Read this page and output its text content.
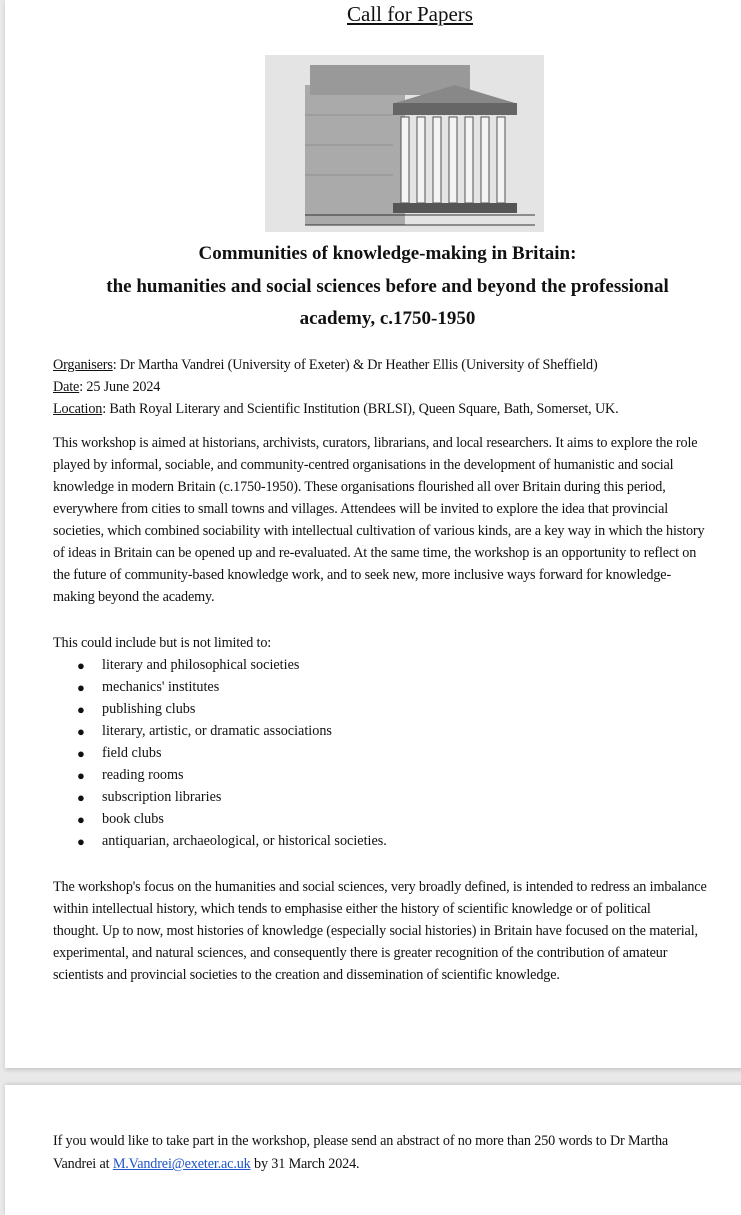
Call for Papers
Communities of knowledge-making in Britain:
the humanities and social sciences before and beyond the professional
academy, c.1750-1950
Organisers: Dr Martha Vandrei (University of Exeter) & Dr Heather Ellis (University of Sheffield)
Date: 25 June 2024
Location: Bath Royal Literary and Scientific Institution (BRLSI), Queen Square, Bath, Somerset, UK.
This workshop is aimed at historians, archivists, curators, librarians, and local researchers. It aims to explore the role
played by informal, sociable, and community-centred organisations in the development of humanistic and social
knowledge in modern Britain (c.1750-1950). These organisations flourished all over Britain during this period,
everywhere from cities to small towns and villages. Attendees will be invited to explore the idea that provincial
societies, which combined sociability with intellectual cultivation of various kinds, are a key way in which the history
of ideas in Britain can be opened up and re-evaluated. At the same time, the workshop is an opportunity to reflect on
the future of community-based knowledge work, and to seek new, more inclusive ways forward for knowledge-
making beyond the academy.
This could include but is not limited to:
● literary and philosophical societies
● mechanics' institutes
● publishing clubs
● literary, artistic, or dramatic associations
● field clubs
● reading rooms
● subscription libraries
● book clubs
● antiquarian, archaeological, or historical societies.
The workshop's focus on the humanities and social sciences, very broadly defined, is intended to redress an imbalance
within intellectual history, which tends to emphasise either the history of scientific knowledge or of political
thought. Up to now, most histories of knowledge (especially social histories) in Britain have focused on the material,
experimental, and natural sciences, and consequently there is greater recognition of the contribution of amateur
scientists and provincial societies to the creation and dissemination of scientific knowledge.
If you would like to take part in the workshop, please send an abstract of no more than 250 words to Dr Martha
Vandrei at M.Vandrei@exeter.ac.uk by 31 March 2024.
